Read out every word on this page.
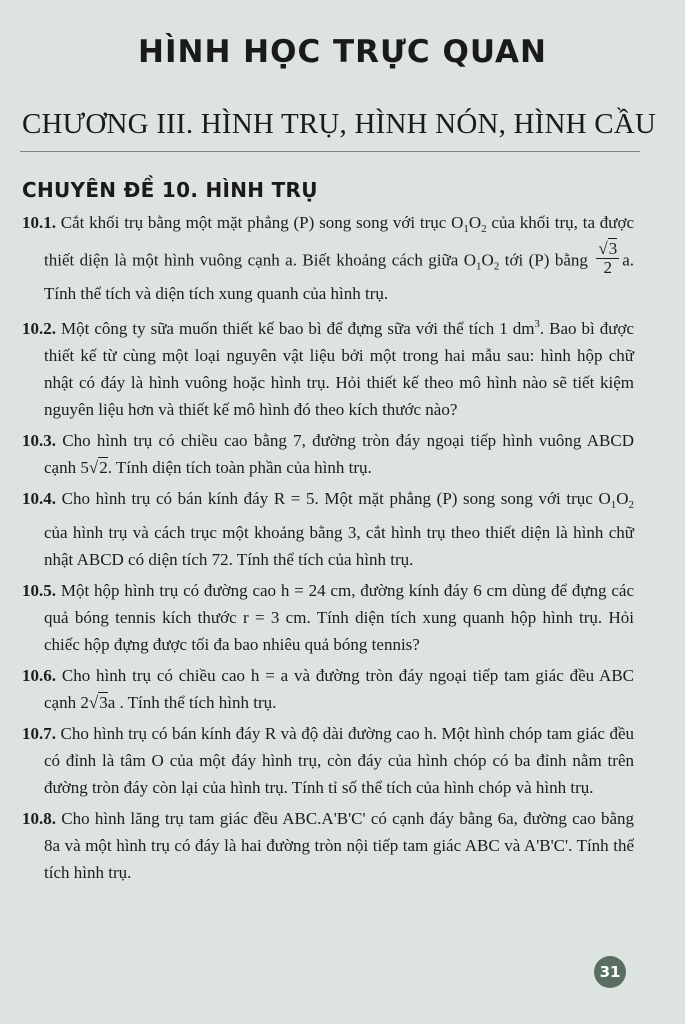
HÌNH HỌC TRỰC QUAN
CHƯƠNG III. HÌNH TRỤ, HÌNH NÓN, HÌNH CẦU
CHUYÊN ĐỀ 10. HÌNH TRỤ
10.1. Cắt khối trụ bằng một mặt phẳng (P) song song với trục $O_1O_2$ của khối trụ, ta được thiết diện là một hình vuông cạnh a. Biết khoảng cách giữa $O_1O_2$ tới (P) bằng $\frac{√3}{2} a$. Tính thể tích và diện tích xung quanh của hình trụ.
10.2. Một công ty sữa muốn thiết kế bao bì để đựng sữa với thể tích 1 $dm^3$. Bao bì được thiết kế từ cùng một loại nguyên vật liệu bởi một trong hai mẫu sau: hình hộp chữ nhật có đáy là hình vuông hoặc hình trụ. Hỏi thiết kế theo mô hình nào sẽ tiết kiệm nguyên liệu hơn và thiết kế mô hình đó theo kích thước nào?
10.3. Cho hình trụ có chiều cao bằng 7, đường tròn đáy ngoại tiếp hình vuông ABCD cạnh 5√2. Tính diện tích toàn phần của hình trụ.
10.4. Cho hình trụ có bán kính đáy R = 5. Một mặt phẳng (P) song song với trục $O_1O_2$ của hình trụ và cách trục một khoảng bằng 3, cắt hình trụ theo thiết diện là hình chữ nhật ABCD có diện tích 72. Tính thể tích của hình trụ.
10.5. Một hộp hình trụ có đường cao h = 24 cm, đường kính đáy 6 cm dùng để đựng các quả bóng tennis kích thước r = 3 cm. Tính diện tích xung quanh hộp hình trụ. Hỏi chiếc hộp đựng được tối đa bao nhiêu quả bóng tennis?
10.6. Cho hình trụ có chiều cao h = a và đường tròn đáy ngoại tiếp tam giác đều ABC cạnh 2√3a . Tính thể tích hình trụ.
10.7. Cho hình trụ có bán kính đáy R và độ dài đường cao h. Một hình chóp tam giác đều có đỉnh là tâm O của một đáy hình trụ, còn đáy của hình chóp có ba đỉnh nằm trên đường tròn đáy còn lại của hình trụ. Tính tỉ số thể tích của hình chóp và hình trụ.
10.8. Cho hình lăng trụ tam giác đều ABC.A'B'C' có cạnh đáy bằng 6a, đường cao bằng 8a và một hình trụ có đáy là hai đường tròn nội tiếp tam giác ABC và A'B'C'. Tính thể tích hình trụ.
31
